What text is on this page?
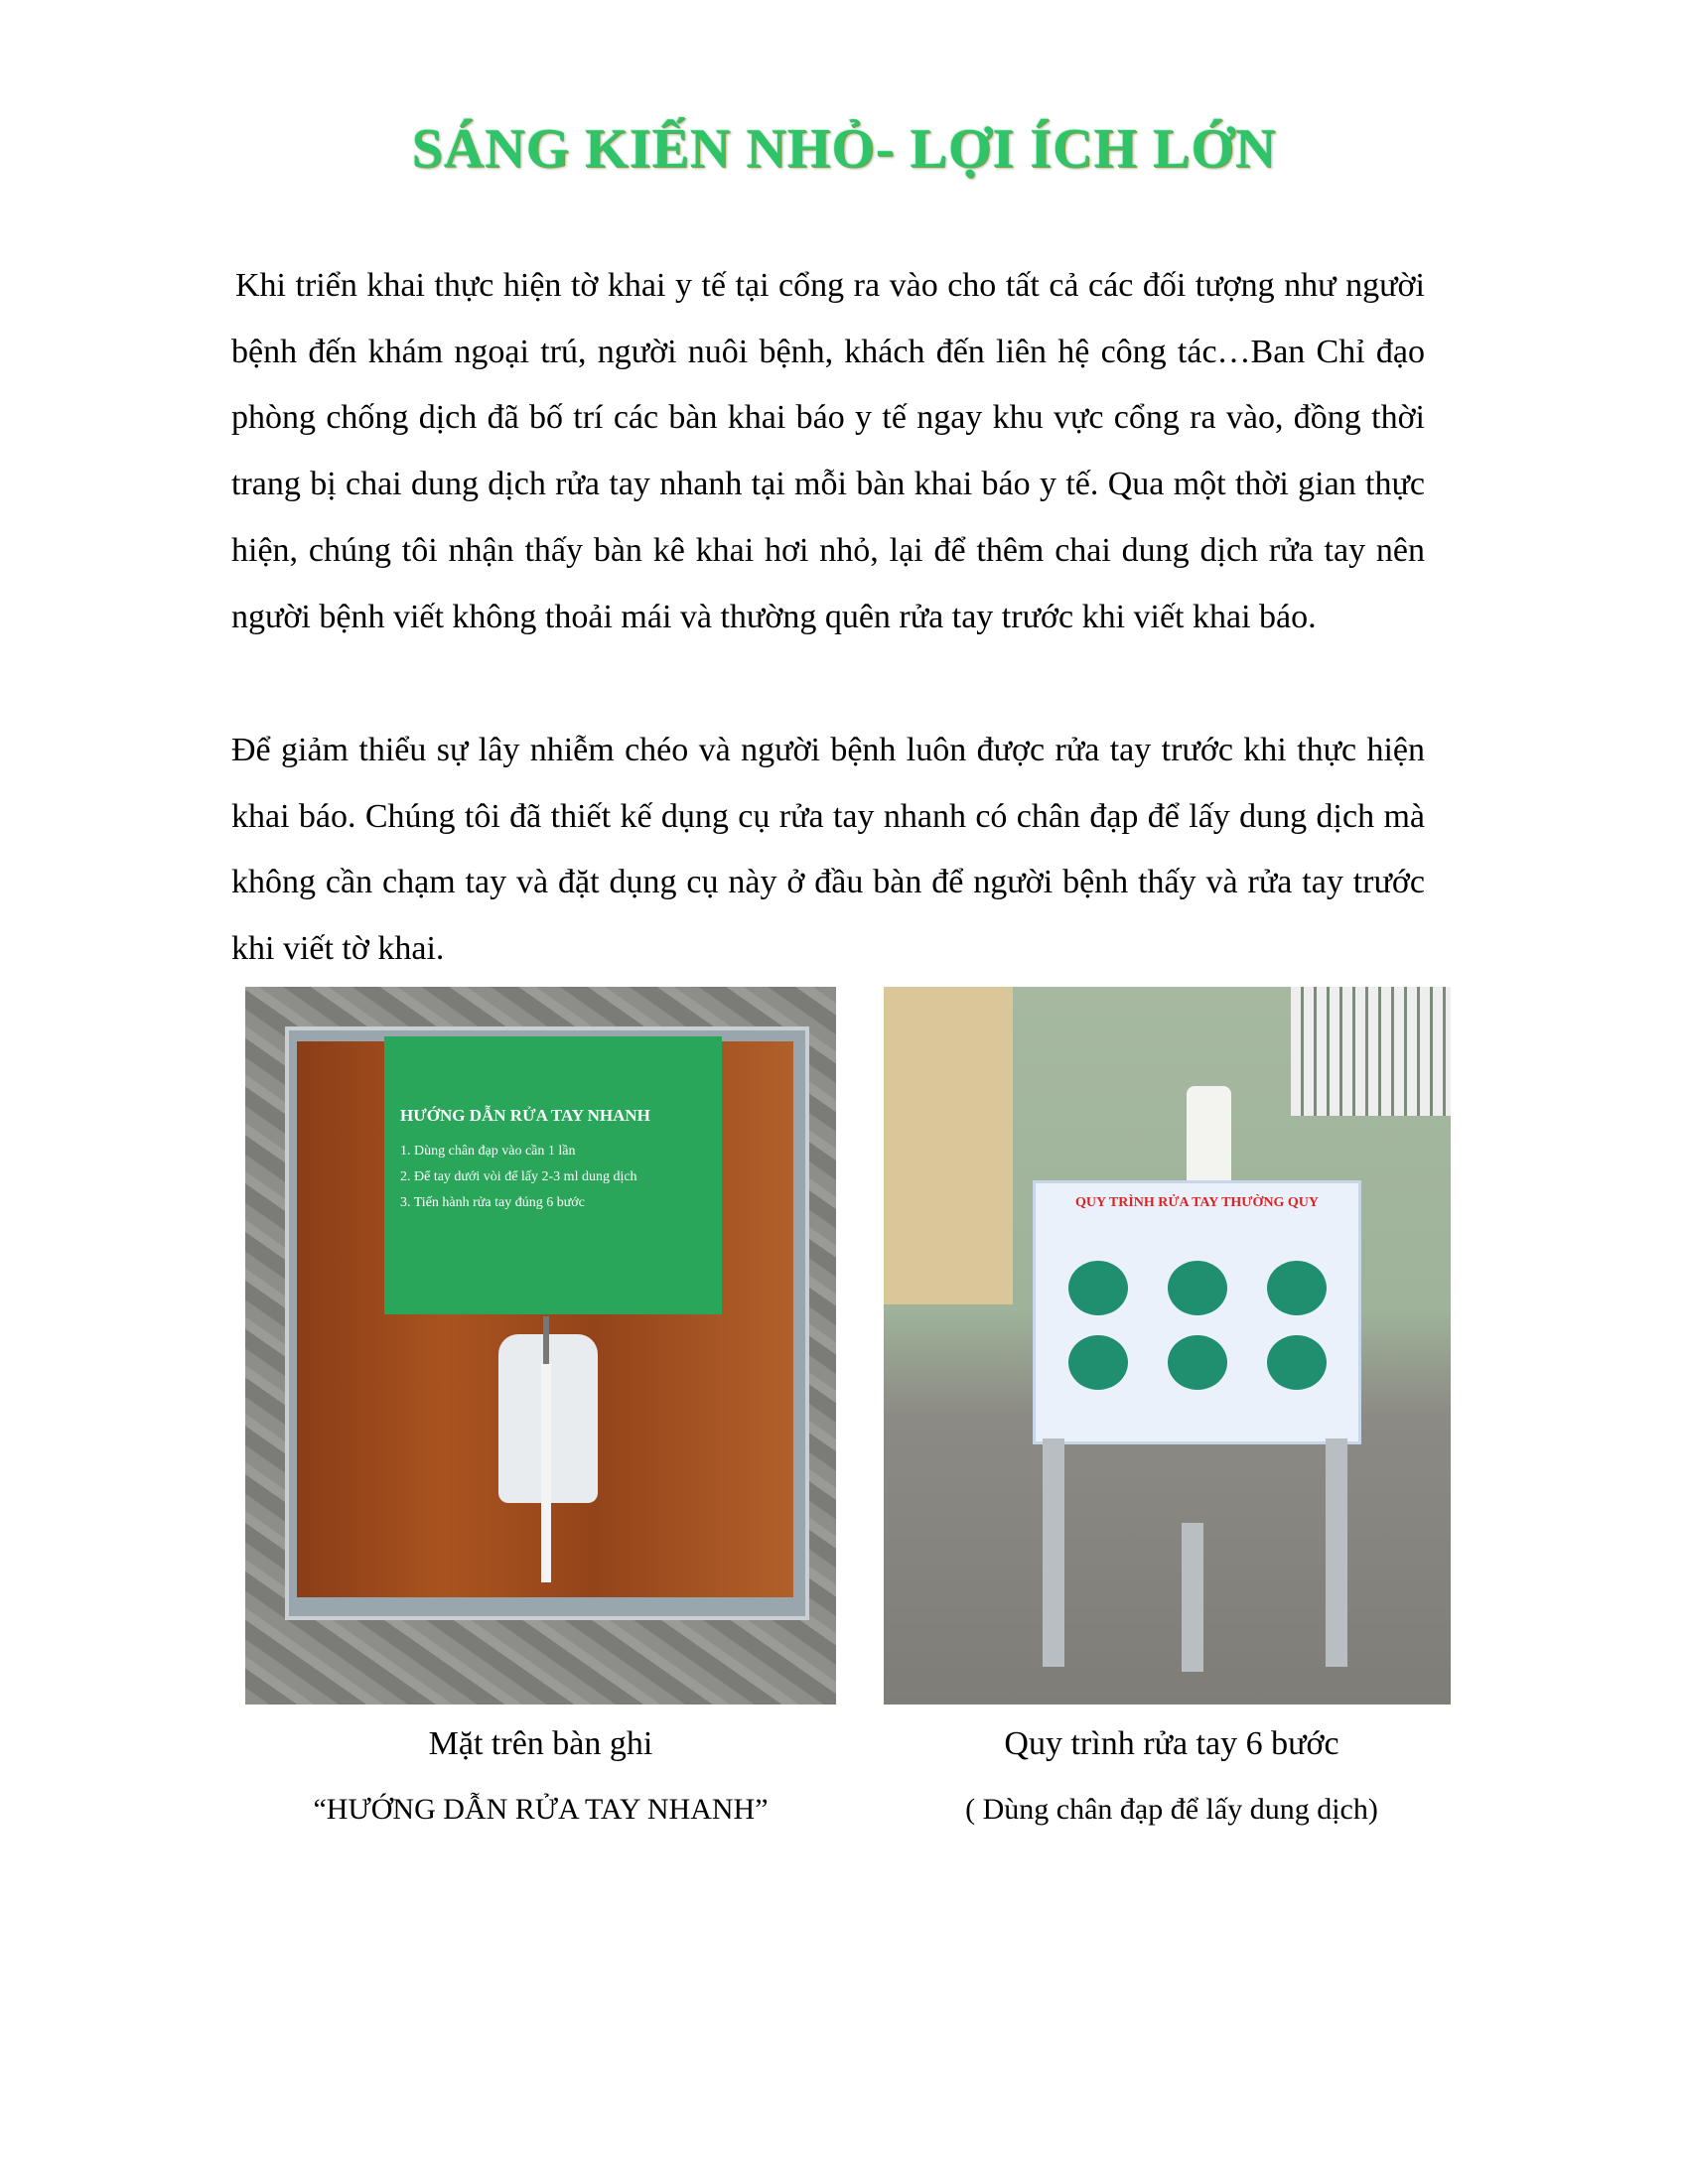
SÁNG KIẾN NHỎ- LỢI ÍCH LỚN
Khi triển khai thực hiện tờ khai y tế tại cổng ra vào cho tất cả các đối tượng như người bệnh đến khám ngoại trú, người nuôi bệnh, khách đến liên hệ công tác…Ban Chỉ đạo phòng chống dịch đã bố trí các bàn khai báo y tế ngay khu vực cổng ra vào, đồng thời trang bị chai dung dịch rửa tay nhanh tại mỗi bàn khai báo y tế. Qua một thời gian thực hiện, chúng tôi nhận thấy bàn kê khai hơi nhỏ, lại để thêm chai dung dịch rửa tay nên người bệnh viết không thoải mái và thường quên rửa tay trước khi viết khai báo.
Để giảm thiểu sự lây nhiễm chéo và người bệnh luôn được rửa tay trước khi thực hiện khai báo. Chúng tôi đã thiết kế dụng cụ rửa tay nhanh có chân đạp để lấy dung dịch mà không cần chạm tay và đặt dụng cụ này ở đầu bàn để người bệnh thấy và rửa tay trước khi viết tờ khai.
HƯỚNG DẪN RỬA TAY NHANH
1. Dùng chân đạp vào cần 1 lần
2. Để tay dưới vòi để lấy 2-3 ml dung dịch
3. Tiến hành rửa tay đúng 6 bước	QUY TRÌNH RỬA TAY THƯỜNG QUY
Mặt trên bàn ghi
“HƯỚNG DẪN RỬA TAY NHANH”
Quy trình rửa tay 6 bước
( Dùng chân đạp để lấy dung dịch)
